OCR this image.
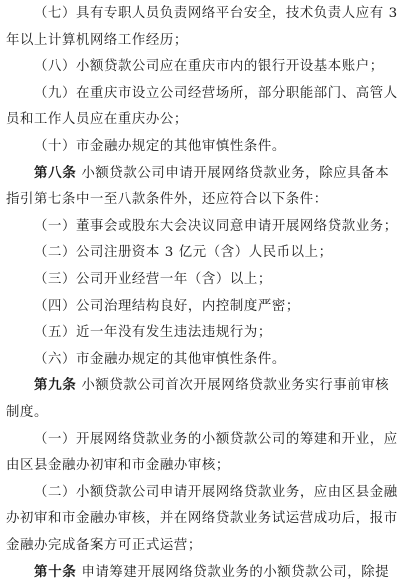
（七）具有专职人员负责网络平台安全，技术负责人应有 3
年以上计算机网络工作经历；
（八）小额贷款公司应在重庆市内的银行开设基本账户；
（九）在重庆市设立公司经营场所，部分职能部门、高管人
员和工作人员应在重庆办公；
（十）市金融办规定的其他审慎性条件。
第八条 小额贷款公司申请开展网络贷款业务，除应具备本
指引第七条中一至八款条件外，还应符合以下条件：
（一）董事会或股东大会决议同意申请开展网络贷款业务；
（二）公司注册资本 3 亿元（含）人民币以上；
（三）公司开业经营一年（含）以上；
（四）公司治理结构良好，内控制度严密；
（五）近一年没有发生违法违规行为；
（六）市金融办规定的其他审慎性条件。
第九条 小额贷款公司首次开展网络贷款业务实行事前审核
制度。
（一）开展网络贷款业务的小额贷款公司的筹建和开业，应
由区县金融办初审和市金融办审核；
（二）小额贷款公司申请开展网络贷款业务，应由区县金融
办初审和市金融办审核，并在网络贷款业务试运营成功后，报市
金融办完成备案方可正式运营；
第十条 申请筹建开展网络贷款业务的小额贷款公司，除提
